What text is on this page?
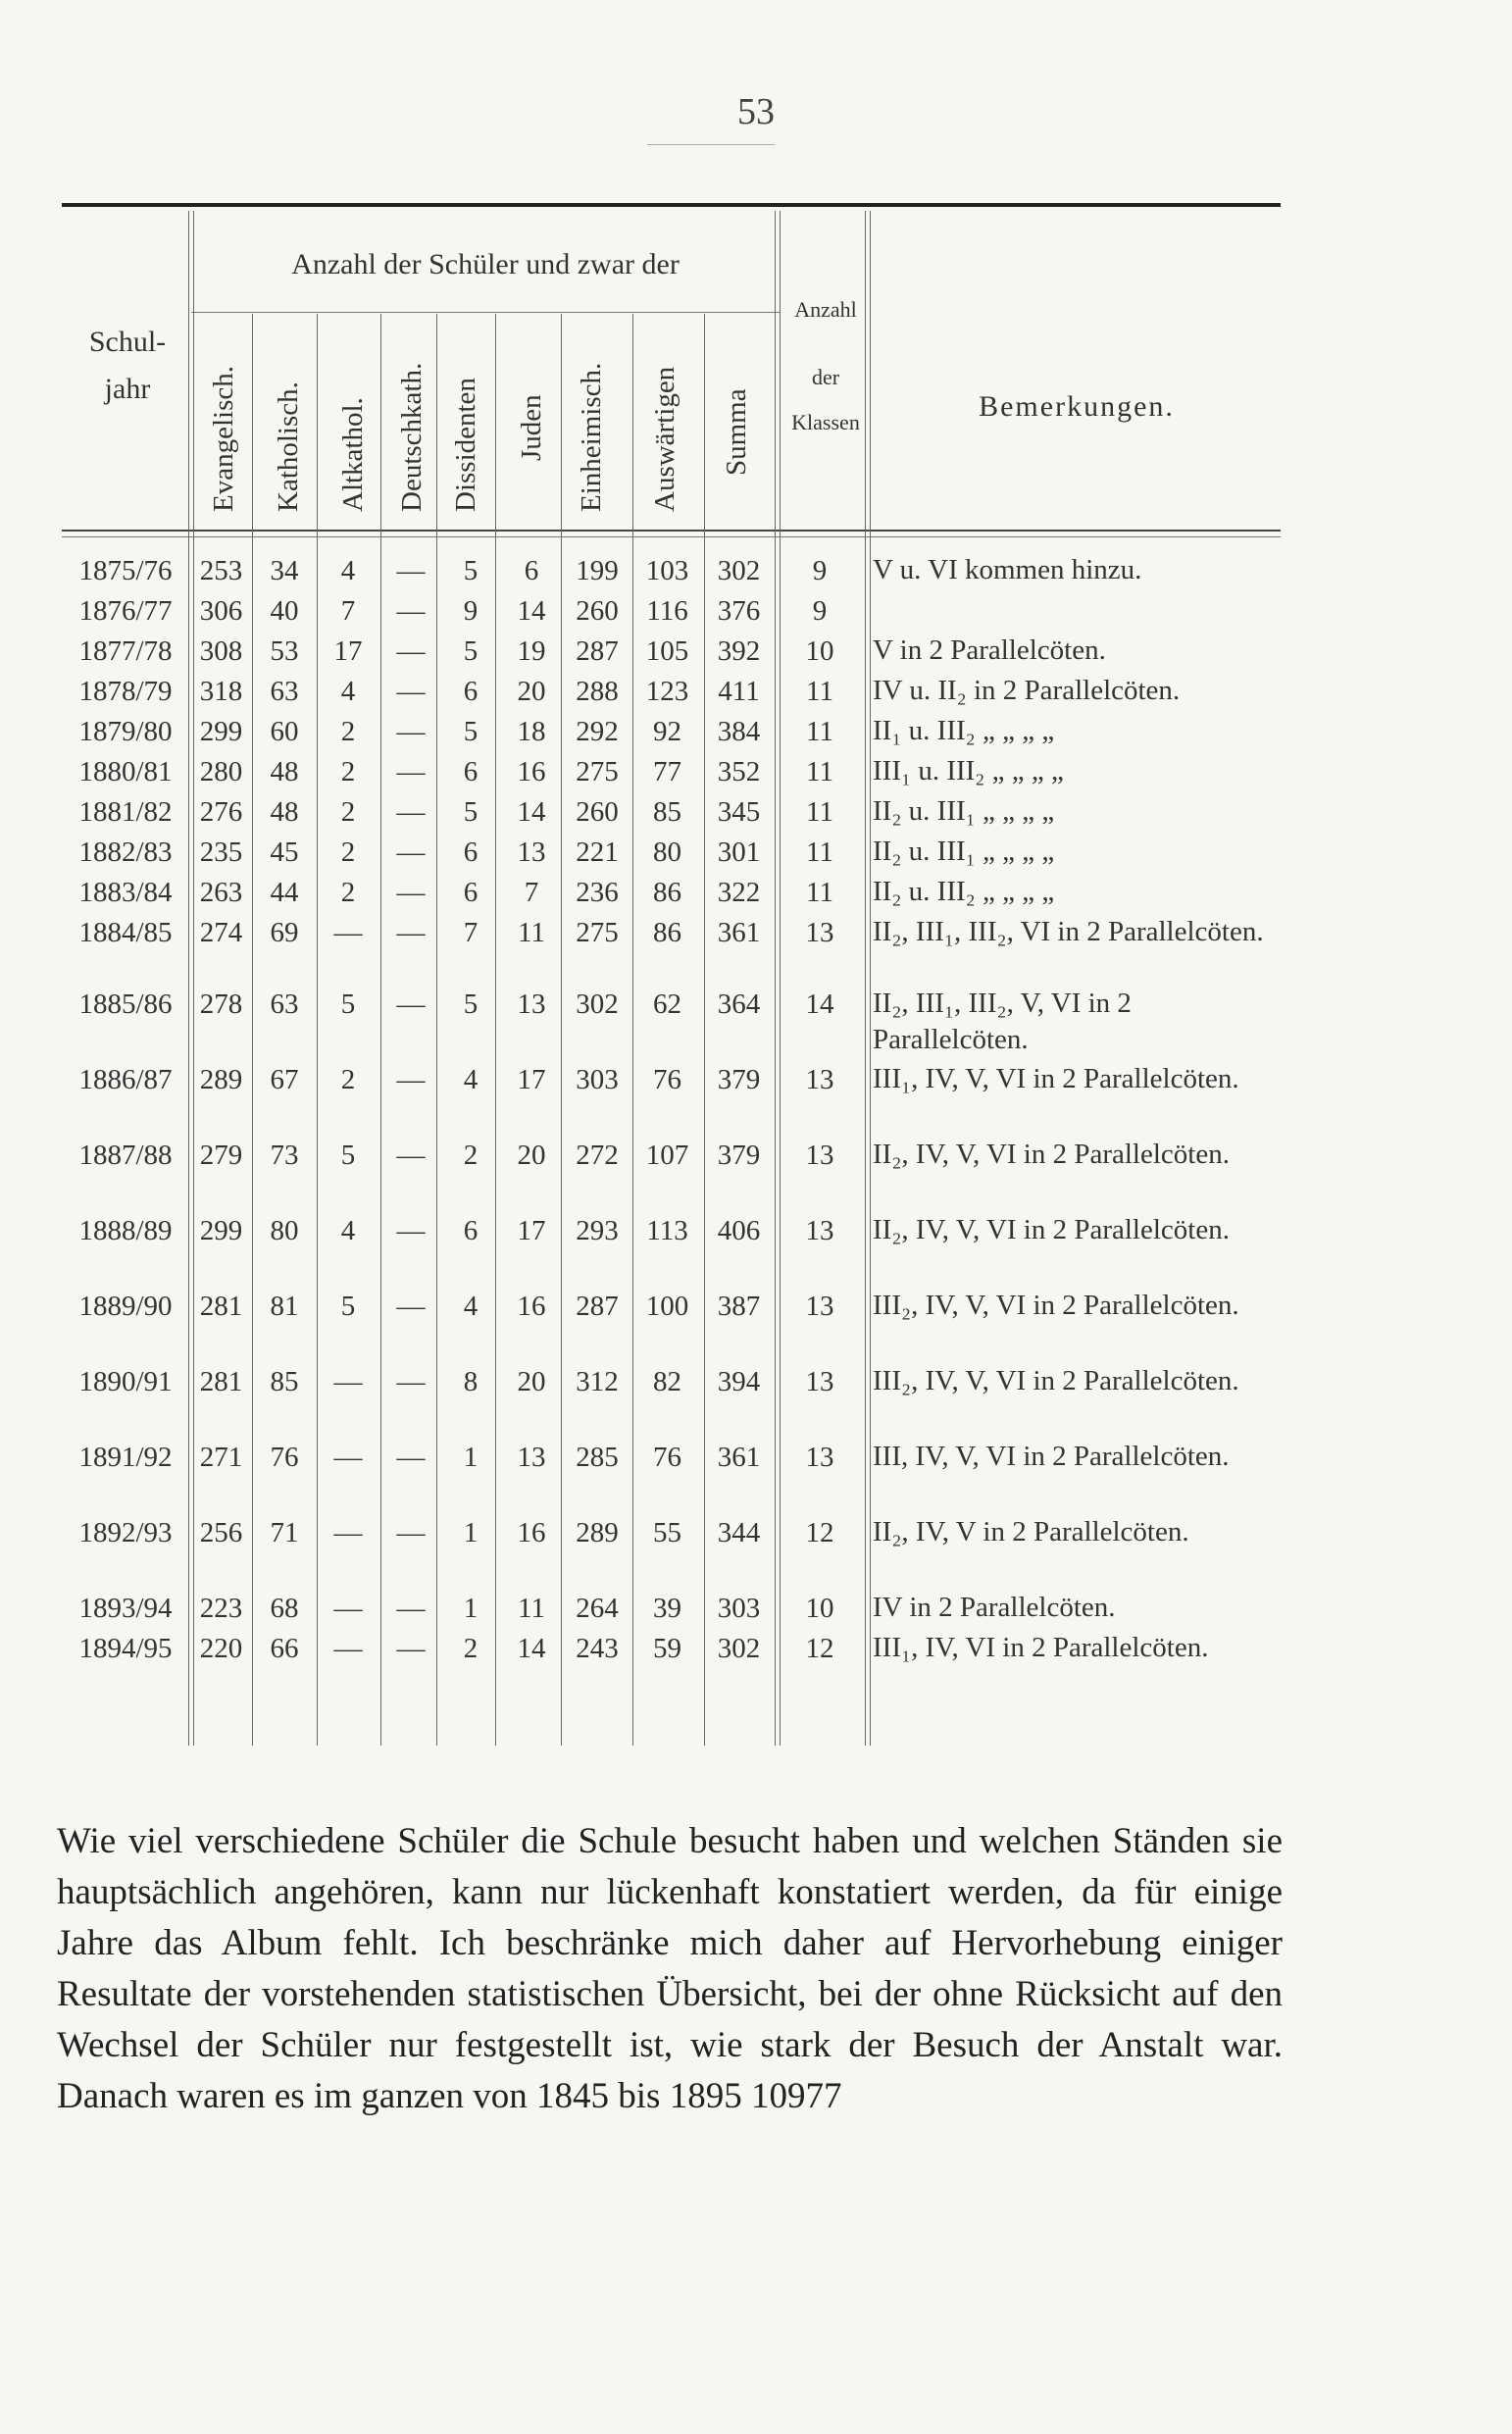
53
Schul-jahr
Anzahl der Schüler und zwar der
Evangelisch. Katholisch. Altkathol. Deutschkath. Dissidenten Juden Einheimisch. Auswärtigen Summa
Anzahl
der
Klassen	Bemerkungen.
1875/76	253	34	4	—	5	6	199	103	302	9	V u. VI kommen hinzu.
1876/77	306	40	7	—	9	14	260	116	376	9	
1877/78	308	53	17	—	5	19	287	105	392	10	V in 2 Parallelcöten.
1878/79	318	63	4	—	6	20	288	123	411	11	IV u. II₂ in 2 Parallelcöten.
1879/80	299	60	2	—	5	18	292	92	384	11	II₁ u. III₂ „ „ „ „
1880/81	280	48	2	—	6	16	275	77	352	11	III₁ u. III₂ „ „ „ „
1881/82	276	48	2	—	5	14	260	85	345	11	II₂ u. III₁ „ „ „ „
1882/83	235	45	2	—	6	13	221	80	301	11	II₂ u. III₁ „ „ „ „
1883/84	263	44	2	—	6	7	236	86	322	11	II₂ u. III₂ „ „ „ „
1884/85	274	69	—	—	7	11	275	86	361	13	II₂, III₁, III₂, VI in 2 Parallelcöten.
1885/86	278	63	5	—	5	13	302	62	364	14	II₂, III₁, III₂, V, VI in 2 Parallelcöten.
1886/87	289	67	2	—	4	17	303	76	379	13	III₁, IV, V, VI in 2 Parallelcöten.
1887/88	279	73	5	—	2	20	272	107	379	13	II₂, IV, V, VI in 2 Parallelcöten.
1888/89	299	80	4	—	6	17	293	113	406	13	II₂, IV, V, VI in 2 Parallelcöten.
1889/90	281	81	5	—	4	16	287	100	387	13	III₂, IV, V, VI in 2 Parallelcöten.
1890/91	281	85	—	—	8	20	312	82	394	13	III₂, IV, V, VI in 2 Parallelcöten.
1891/92	271	76	—	—	1	13	285	76	361	13	III, IV, V, VI in 2 Parallelcöten.
1892/93	256	71	—	—	1	16	289	55	344	12	II₂, IV, V in 2 Parallelcöten.
1893/94	223	68	—	—	1	11	264	39	303	10	IV in 2 Parallelcöten.
1894/95	220	66	—	—	2	14	243	59	302	12	III₁, IV, VI in 2 Parallelcöten.
Wie viel verschiedene Schüler die Schule besucht haben und welchen Ständen sie hauptsächlich angehören, kann nur lückenhaft konstatiert werden, da für einige Jahre das Album fehlt. Ich beschränke mich daher auf Hervorhebung einiger Resultate der vorstehenden statistischen Übersicht, bei der ohne Rücksicht auf den Wechsel der Schüler nur festgestellt ist, wie stark der Besuch der Anstalt war. Danach waren es im ganzen von 1845 bis 1895 10977
